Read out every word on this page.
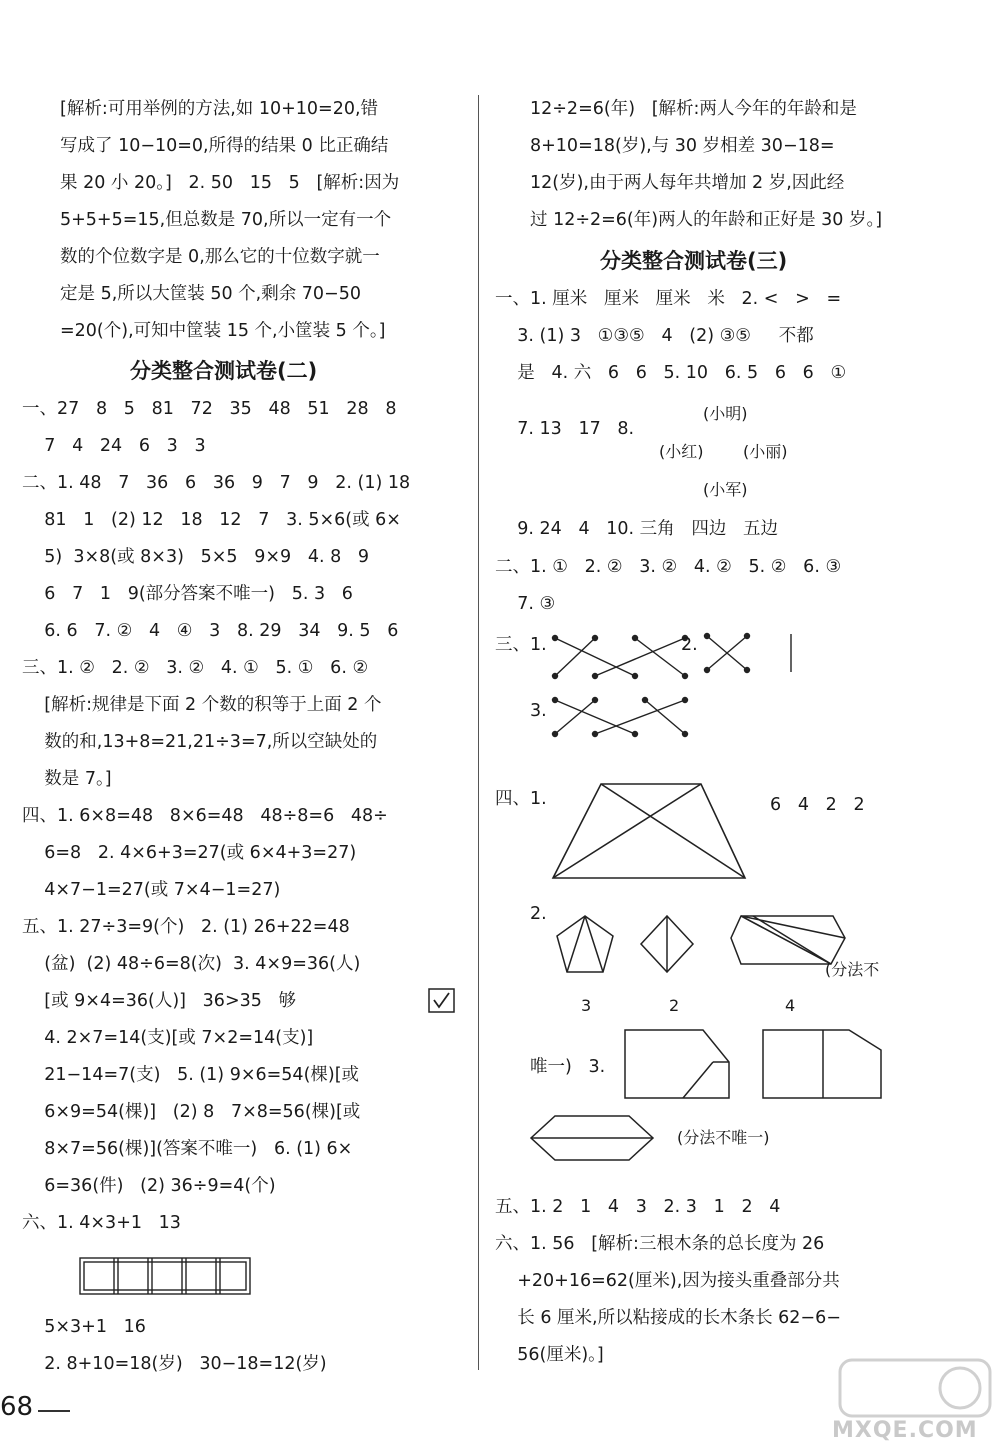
[解析:可用举例的方法,如 10+10=20,错
写成了 10−10=0,所得的结果 0 比正确结
果 20 小 20。]   2. 50   15   5   [解析:因为
5+5+5=15,但总数是 70,所以一定有一个
数的个位数字是 0,那么它的十位数字就一
定是 5,所以大筐装 50 个,剩余 70−50
=20(个),可知中筐装 15 个,小筐装 5 个。]
分类整合测试卷(二)
一、27   8   5   81   72   35   48   51   28   8
7   4   24   6   3   3
二、1. 48   7   36   6   36   9   7   9   2. (1) 18
81   1   (2) 12   18   12   7   3. 5×6(或 6×
5)  3×8(或 8×3)   5×5   9×9   4. 8   9
6   7   1   9(部分答案不唯一)   5. 3   6
6. 6   7. ②   4   ④   3   8. 29   34   9. 5   6
三、1. ②   2. ②   3. ②   4. ①   5. ①   6. ②
[解析:规律是下面 2 个数的积等于上面 2 个
数的和,13+8=21,21÷3=7,所以空缺处的
数是 7。]
四、1. 6×8=48   8×6=48   48÷8=6   48÷
6=8   2. 4×6+3=27(或 6×4+3=27)
4×7−1=27(或 7×4−1=27)
五、1. 27÷3=9(个)   2. (1) 26+22=48
(盆)  (2) 48÷6=8(次)  3. 4×9=36(人)
[或 9×4=36(人)]   36>35   够
4. 2×7=14(支)[或 7×2=14(支)]
21−14=7(支)   5. (1) 9×6=54(棵)[或
6×9=54(棵)]   (2) 8   7×8=56(棵)[或
8×7=56(棵)](答案不唯一)   6. (1) 6×
6=36(件)   (2) 36÷9=4(个)
六、1. 4×3+1   13
5×3+1   16
2. 8+10=18(岁)   30−18=12(岁)
12÷2=6(年)   [解析:两人今年的年龄和是
8+10=18(岁),与 30 岁相差 30−18=
12(岁),由于两人每年共增加 2 岁,因此经
过 12÷2=6(年)两人的年龄和正好是 30 岁。]
分类整合测试卷(三)
一、1. 厘米   厘米   厘米   米   2. <   >   =
3. (1) 3   ①③⑤   4   (2) ③⑤     不都
是   4. 六   6   6   5. 10   6. 5   6   6   ①
(小明)
7. 13   17   8.
(小红) (小丽)
(小军)
9. 24   4   10. 三角   四边   五边
二、1. ①   2. ②   3. ②   4. ②   5. ②   6. ③
7. ③
三、1.	2.
3.
四、1.	6   4   2   2
2.
(分法不
3	2	4
唯一)   3.
(分法不唯一)
五、1. 2   1   4   3   2. 3   1   2   4
六、1. 56   [解析:三根木条的总长度为 26
+20+16=62(厘米),因为接头重叠部分共
长 6 厘米,所以粘接成的长木条长 62−6−
56(厘米)。]
68
MXQE.COM
